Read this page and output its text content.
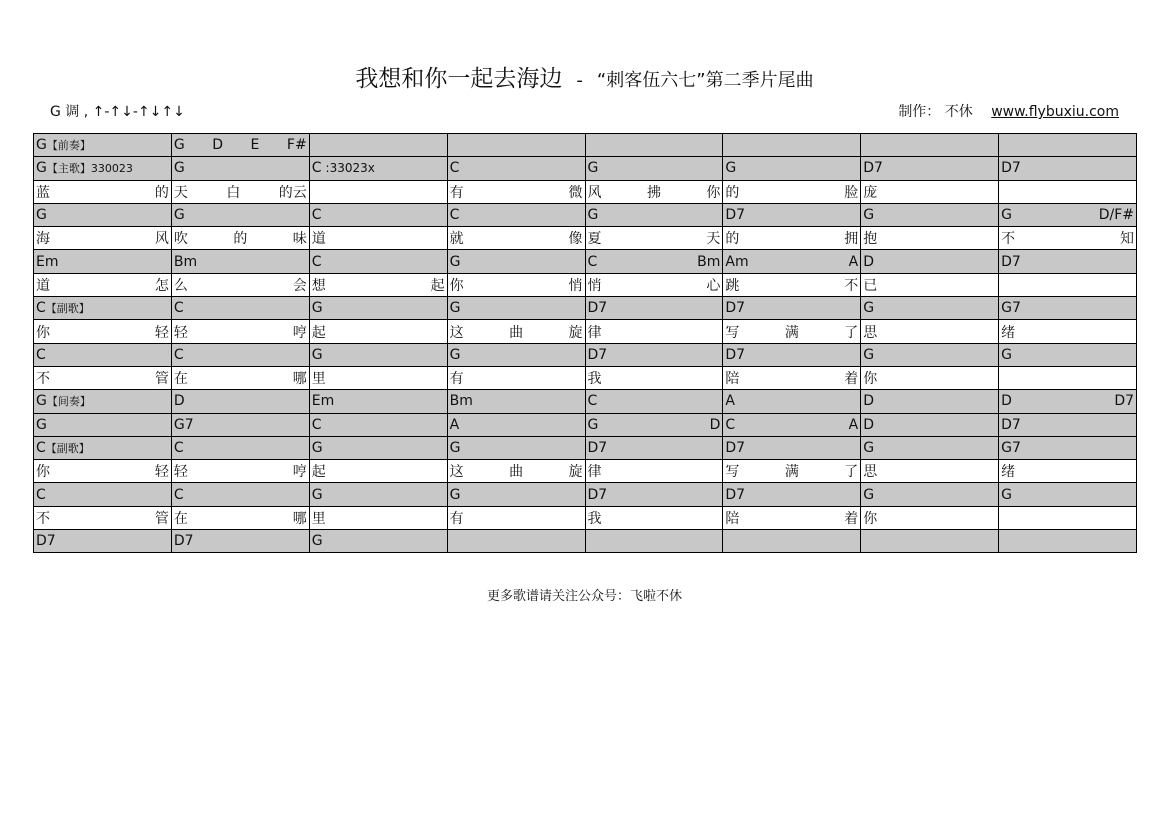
我想和你一起去海边 - “刺客伍六七”第二季片尾曲
G 调 , ↑-↑↓-↑↓↑↓	制作： 不休 www.flybuxiu.com
G 【前奏】	G D E F#						

G 【主歌】330023	G	C :33023x	C	G	G	D7	D7

蓝 的	天 白 的云		有 微	风 拂 你	的 脸	庞	

G	G	C	C	G	D7	G	G D/F#

海 风	吹 的 味	道	就 像	夏 天	的 拥	抱	不 知

Em	Bm	C	G	C Bm	Am A	D	D7

道 怎	么 会	想 起	你 悄	悄 心	跳 不	已	

C 【副歌】	C	G	G	D7	D7	G	G7

你 轻	轻 哼	起	这 曲 旋	律	写 满 了	思	绪

C	C	G	G	D7	D7	G	G

不 管	在 哪	里	有	我	陪 着	你	

G 【间奏】	D	Em	Bm	C	A	D	D D7

G	G7	C	A	G D	C A	D	D7

C 【副歌】	C	G	G	D7	D7	G	G7

你 轻	轻 哼	起	这 曲 旋	律	写 满 了	思	绪

C	C	G	G	D7	D7	G	G

不 管	在 哪	里	有	我	陪 着	你	

D7	D7	G					

更多歌谱请关注公众号：飞啦不休
